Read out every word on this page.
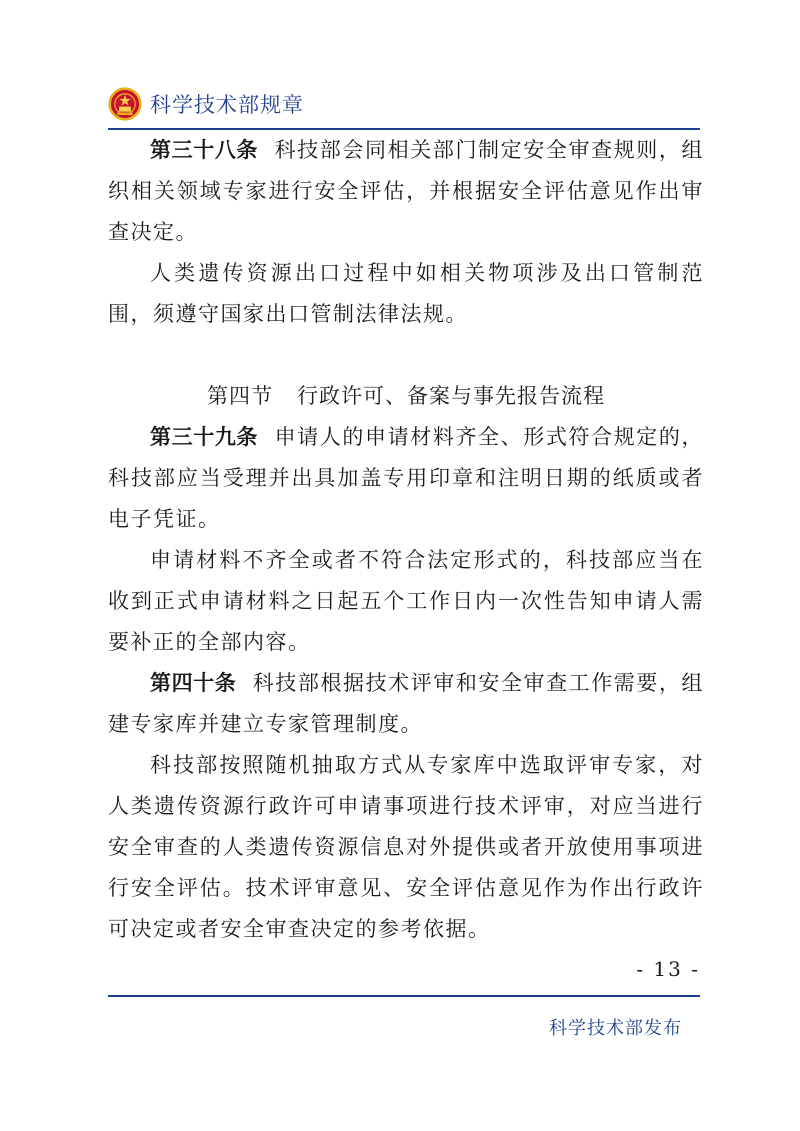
科学技术部规章

第三十八条 科技部会同相关部门制定安全审查规则，组织相关领域专家进行安全评估，并根据安全评估意见作出审查决定。

人类遗传资源出口过程中如相关物项涉及出口管制范围，须遵守国家出口管制法律法规。

第四节 行政许可、备案与事先报告流程

第三十九条 申请人的申请材料齐全、形式符合规定的，科技部应当受理并出具加盖专用印章和注明日期的纸质或者电子凭证。

申请材料不齐全或者不符合法定形式的，科技部应当在收到正式申请材料之日起五个工作日内一次性告知申请人需要补正的全部内容。

第四十条 科技部根据技术评审和安全审查工作需要，组建专家库并建立专家管理制度。

科技部按照随机抽取方式从专家库中选取评审专家，对人类遗传资源行政许可申请事项进行技术评审，对应当进行安全审查的人类遗传资源信息对外提供或者开放使用事项进行安全评估。技术评审意见、安全评估意见作为作出行政许可决定或者安全审查决定的参考依据。

- 13 -
科学技术部发布
